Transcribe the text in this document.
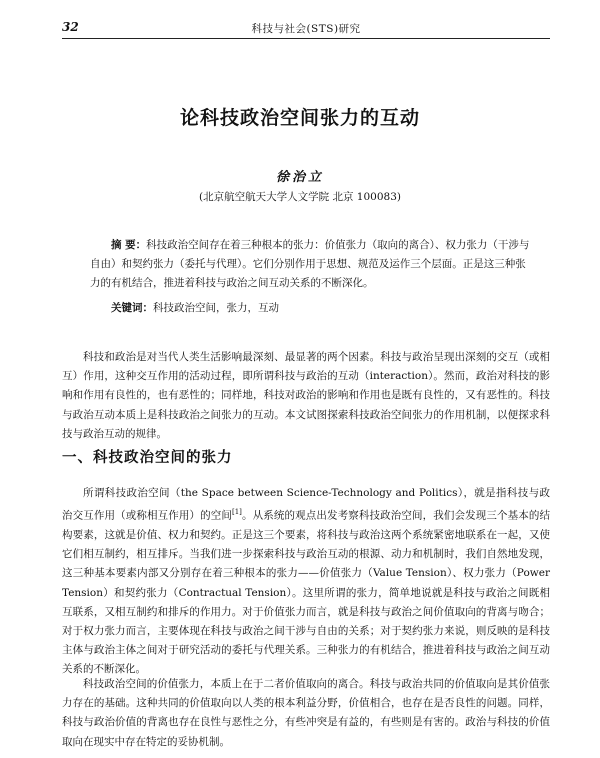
32	科技与社会(STS)研究
论科技政治空间张力的互动
徐治立
(北京航空航天大学人文学院 北京 100083)
摘 要：科技政治空间存在着三种根本的张力：价值张力（取向的离合）、权力张力（干涉与自由）和契约张力（委托与代理）。它们分别作用于思想、规范及运作三个层面。正是这三种张力的有机结合，推进着科技与政治之间互动关系的不断深化。
关键词：科技政治空间，张力，互动

科技和政治是对当代人类生活影响最深刻、最显著的两个因素。科技与政治呈现出深刻的交互（或相互）作用，这种交互作用的活动过程，即所谓科技与政治的互动（interaction）。然而，政治对科技的影响和作用有良性的，也有恶性的；同样地，科技对政治的影响和作用也是既有良性的，又有恶性的。科技与政治互动本质上是科技政治之间张力的互动。本文试图探索科技政治空间张力的作用机制，以便探求科技与政治互动的规律。

一、科技政治空间的张力

所谓科技政治空间（the Space between Science-Technology and Politics），就是指科技与政治交互作用（或称相互作用）的空间[1]。从系统的观点出发考察科技政治空间，我们会发现三个基本的结构要素，这就是价值、权力和契约。正是这三个要素，将科技与政治这两个系统紧密地联系在一起，又使它们相互制约，相互排斥。当我们进一步探索科技与政治互动的根源、动力和机制时，我们自然地发现，这三种基本要素内部又分别存在着三种根本的张力——价值张力（Value Tension）、权力张力（Power Tension）和契约张力（Contractual Tension）。这里所谓的张力，简单地说就是科技与政治之间既相互联系，又相互制约和排斥的作用力。对于价值张力而言，就是科技与政治之间价值取向的背离与吻合；对于权力张力而言，主要体现在科技与政治之间干涉与自由的关系；对于契约张力来说，则反映的是科技主体与政治主体之间对于研究活动的委托与代理关系。三种张力的有机结合，推进着科技与政治之间互动关系的不断深化。

科技政治空间的价值张力，本质上在于二者价值取向的离合。科技与政治共同的价值取向是其价值张力存在的基础。这种共同的价值取向以人类的根本利益分野，价值相合，也存在是否良性的问题。同样，科技与政治价值的背离也存在良性与恶性之分，有些冲突是有益的，有些则是有害的。政治与科技的价值取向在现实中存在特定的妥协机制。
